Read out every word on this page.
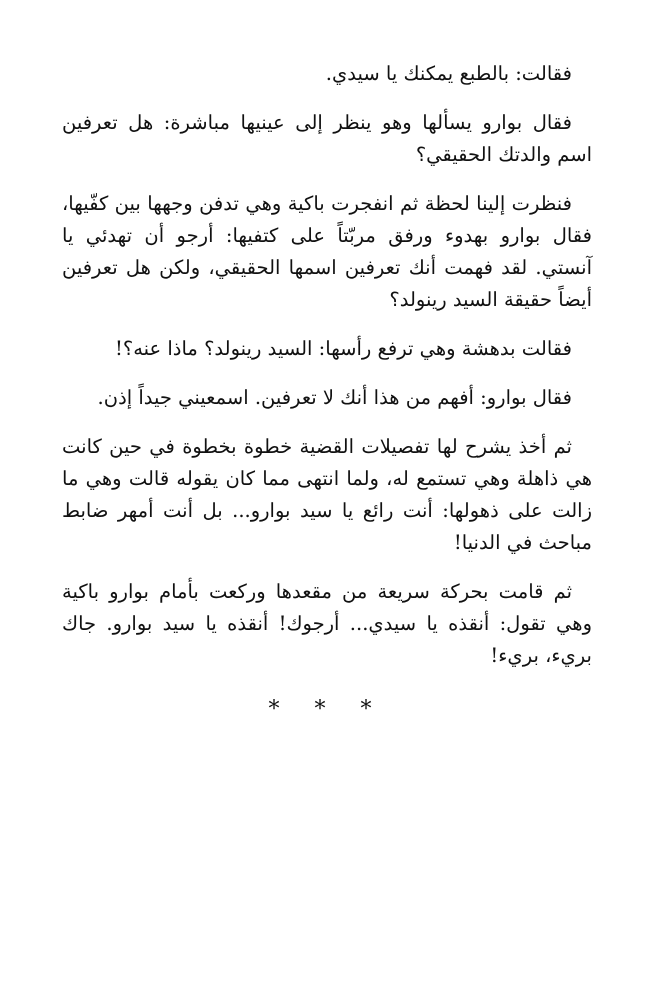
فقالت: بالطبع يمكنك يا سيدي.

فقال بوارو يسألها وهو ينظر إلى عينيها مباشرة: هل تعرفين اسم والدتك الحقيقي؟

فنظرت إلينا لحظة ثم انفجرت باكية وهي تدفن وجهها بين كفّيها، فقال بوارو بهدوء ورفق مربّتاً على كتفيها: أرجو أن تهدئي يا آنستي. لقد فهمت أنك تعرفين اسمها الحقيقي، ولكن هل تعرفين أيضاً حقيقة السيد رينولد؟

فقالت بدهشة وهي ترفع رأسها: السيد رينولد؟ ماذا عنه؟!

فقال بوارو: أفهم من هذا أنك لا تعرفين. اسمعيني جيداً إذن.

ثم أخذ يشرح لها تفصيلات القضية خطوة بخطوة في حين كانت هي ذاهلة وهي تستمع له، ولما انتهى مما كان يقوله قالت وهي ما زالت على ذهولها: أنت رائع يا سيد بوارو... بل أنت أمهر ضابط مباحث في الدنيا!

ثم قامت بحركة سريعة من مقعدها وركعت بأمام بوارو باكية وهي تقول: أنقذه يا سيدي... أرجوك! أنقذه يا سيد بوارو. جاك بريء، بريء!

* * *
